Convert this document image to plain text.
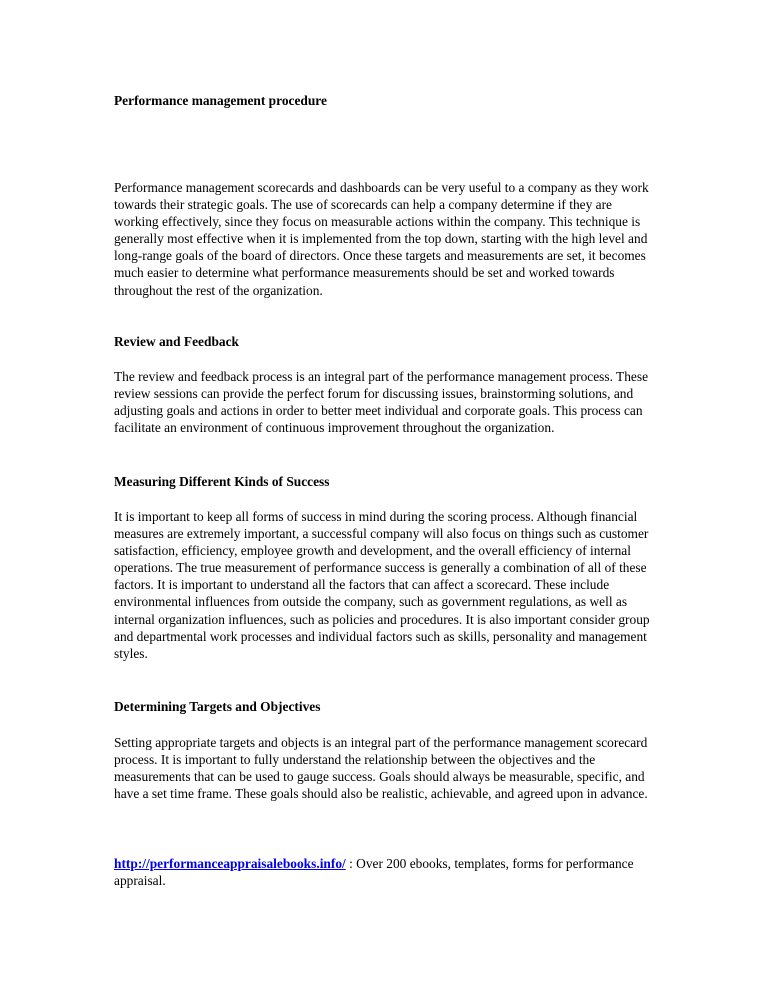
Performance management procedure

Performance management scorecards and dashboards can be very useful to a company as they work towards their strategic goals. The use of scorecards can help a company determine if they are working effectively, since they focus on measurable actions within the company. This technique is generally most effective when it is implemented from the top down, starting with the high level and long-range goals of the board of directors. Once these targets and measurements are set, it becomes much easier to determine what performance measurements should be set and worked towards throughout the rest of the organization.

Review and Feedback

The review and feedback process is an integral part of the performance management process. These review sessions can provide the perfect forum for discussing issues, brainstorming solutions, and adjusting goals and actions in order to better meet individual and corporate goals. This process can facilitate an environment of continuous improvement throughout the organization.

Measuring Different Kinds of Success

It is important to keep all forms of success in mind during the scoring process. Although financial measures are extremely important, a successful company will also focus on things such as customer satisfaction, efficiency, employee growth and development, and the overall efficiency of internal operations. The true measurement of performance success is generally a combination of all of these factors. It is important to understand all the factors that can affect a scorecard. These include environmental influences from outside the company, such as government regulations, as well as internal organization influences, such as policies and procedures. It is also important consider group and departmental work processes and individual factors such as skills, personality and management styles.

Determining Targets and Objectives

Setting appropriate targets and objects is an integral part of the performance management scorecard process. It is important to fully understand the relationship between the objectives and the measurements that can be used to gauge success. Goals should always be measurable, specific, and have a set time frame. These goals should also be realistic, achievable, and agreed upon in advance.

http://performanceappraisalebooks.info/ : Over 200 ebooks, templates, forms for performance appraisal.
